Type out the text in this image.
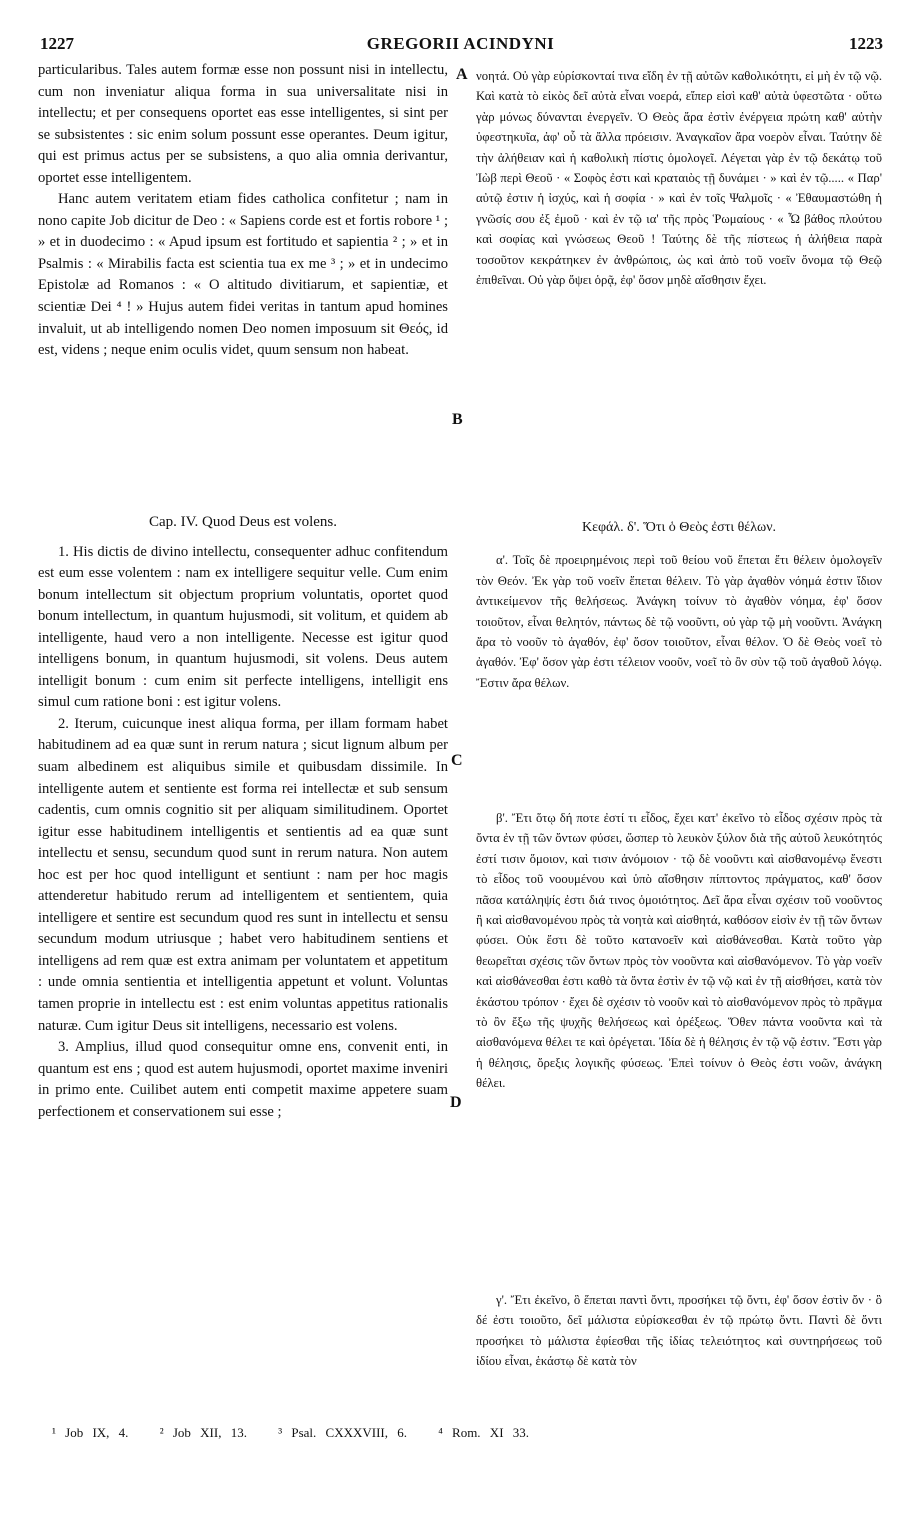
1227	GREGORII ACINDYNI	1223

particularibus. Tales autem formæ esse non possunt nisi in intellectu, cum non inveniatur aliqua forma in sua universalitate nisi in intellectu; et per consequens oportet eas esse intelligentes, si sint per se subsistentes : sic enim solum possunt esse operantes. Deum igitur, qui est primus actus per se subsistens, a quo alia omnia derivantur, oportet esse intelligentem.

Hanc autem veritatem etiam fides catholica confitetur ; nam in nono capite Job dicitur de Deo : « Sapiens corde est et fortis robore ¹ ; » et in duodecimo : « Apud ipsum est fortitudo et sapientia ² ; » et in Psalmis : « Mirabilis facta est scientia tua ex me ³ ; » et in undecimo Epistolæ ad Romanos : « O altitudo divitiarum, et sapientiæ, et scientiæ Dei ⁴ ! » Hujus autem fidei veritas in tantum apud homines invaluit, ut ab intelligendo nomen Deo nomen imposuum sit Θεός, id est, videns ; neque enim oculis videt, quum sensum non habeat.

Cap. IV. Quod Deus est volens.

1. His dictis de divino intellectu, consequenter adhuc confitendum est eum esse volentem : nam ex intelligere sequitur velle. Cum enim bonum intellectum sit objectum proprium voluntatis, oportet quod bonum intellectum, in quantum hujusmodi, sit volitum, et quidem ab intelligente, haud vero a non intelligente. Necesse est igitur quod intelligens bonum, in quantum hujusmodi, sit volens. Deus autem intelligit bonum : cum enim sit perfecte intelligens, intelligit ens simul cum ratione boni : est igitur volens.

2. Iterum, cuicunque inest aliqua forma, per illam formam habet habitudinem ad ea quæ sunt in rerum natura ; sicut lignum album per suam albedinem est aliquibus simile et quibusdam dissimile. In intelligente autem et sentiente est forma rei intellectæ et sub sensum cadentis, cum omnis cognitio sit per aliquam similitudinem. Oportet igitur esse habitudinem intelligentis et sentientis ad ea quæ sunt intellectu et sensu, secundum quod sunt in rerum natura. Non autem hoc est per hoc quod intelligunt et sentiunt : nam per hoc magis attenderetur habitudo rerum ad intelligentem et sentientem, quia intelligere et sentire est secundum quod res sunt in intellectu et sensu secundum modum utriusque ; habet vero habitudinem sentiens et intelligens ad rem quæ est extra animam per voluntatem et appetitum : unde omnia sentientia et intelligentia appetunt et volunt. Voluntas tamen proprie in intellectu est : est enim voluntas appetitus rationalis naturæ. Cum igitur Deus sit intelligens, necessario est volens.

3. Amplius, illud quod consequitur omne ens, convenit enti, in quantum est ens ; quod est autem hujusmodi, oportet maxime inveniri in primo ente. Cuilibet autem enti competit maxime appetere suam perfectionem et conservationem sui esse ;

A
B
C
D

νοητά. Οὐ γὰρ εὑρίσκονταί τινα εἴδη ἐν τῇ αὐτῶν καθολικότητι, εἰ μὴ ἐν τῷ νῷ. Καὶ κατὰ τὸ εἰκὸς δεῖ αὐτὰ εἶναι νοερά, εἴπερ εἰσὶ καθ' αὐτὰ ὑφεστῶτα · οὕτω γὰρ μόνως δύνανται ἐνεργεῖν. Ὁ Θεὸς ἄρα ἐστὶν ἐνέργεια πρώτη καθ' αὐτὴν ὑφεστηκυῖα, ἀφ' οὗ τὰ ἄλλα πρόεισιν. Ἀναγκαῖον ἄρα νοερὸν εἶναι. Ταύτην δὲ τὴν ἀλήθειαν καὶ ἡ καθολικὴ πίστις ὁμολογεῖ. Λέγεται γὰρ ἐν τῷ δεκάτῳ τοῦ Ἰὼβ περὶ Θεοῦ · « Σοφὸς ἐστι καὶ κραταιὸς τῇ δυνάμει · » καὶ ἐν τῷ..... « Παρ' αὐτῷ ἐστιν ἡ ἰσχύς, καὶ ἡ σοφία · » καὶ ἐν τοῖς Ψαλμοῖς · « Ἐθαυμαστώθη ἡ γνῶσίς σου ἐξ ἐμοῦ · καὶ ἐν τῷ ια' τῆς πρὸς Ῥωμαίους · « Ὦ βάθος πλούτου καὶ σοφίας καὶ γνώσεως Θεοῦ ! Ταύτης δὲ τῆς πίστεως ἡ ἀλήθεια παρὰ τοσοῦτον κεκράτηκεν ἐν ἀνθρώποις, ὡς καὶ ἀπὸ τοῦ νοεῖν ὄνομα τῷ Θεῷ ἐπιθεῖναι. Οὐ γὰρ ὄψει ὁρᾷ, ἐφ' ὅσον μηδὲ αἴσθησιν ἔχει.

Κεφάλ. δ'. Ὅτι ὁ Θεὸς ἐστι θέλων.

α'. Τοῖς δὲ προειρημένοις περὶ τοῦ θείου νοῦ ἕπεται ἔτι θέλειν ὁμολογεῖν τὸν Θεόν. Ἐκ γὰρ τοῦ νοεῖν ἕπεται θέλειν. Τὸ γὰρ ἀγαθὸν νόημά ἐστιν ἴδιον ἀντικείμενον τῆς θελήσεως. Ἀνάγκη τοίνυν τὸ ἀγαθὸν νόημα, ἐφ' ὅσον τοιοῦτον, εἶναι θελητόν, πάντως δὲ τῷ νοοῦντι, οὐ γὰρ τῷ μὴ νοοῦντι. Ἀνάγκη ἄρα τὸ νοοῦν τὸ ἀγαθόν, ἐφ' ὅσον τοιοῦτον, εἶναι θέλον. Ὁ δὲ Θεὸς νοεῖ τὸ ἀγαθόν. Ἐφ' ὅσον γὰρ ἐστι τέλειον νοοῦν, νοεῖ τὸ ὂν σὺν τῷ τοῦ ἀγαθοῦ λόγῳ. Ἔστιν ἄρα θέλων.

β'. Ἔτι ὅτῳ δή ποτε ἐστί τι εἶδος, ἔχει κατ' ἐκεῖνο τὸ εἶδος σχέσιν πρὸς τὰ ὄντα ἐν τῇ τῶν ὄντων φύσει, ὥσπερ τὸ λευκὸν ξύλον διὰ τῆς αὐτοῦ λευκότητός ἐστί τισιν ὅμοιον, καὶ τισιν ἀνόμοιον · τῷ δὲ νοοῦντι καὶ αἰσθανομένῳ ἔνεστι τὸ εἶδος τοῦ νοουμένου καὶ ὑπὸ αἴσθησιν πίπτοντος πράγματος, καθ' ὅσον πᾶσα κατάληψίς ἐστι διά τινος ὁμοιότητος. Δεῖ ἄρα εἶναι σχέσιν τοῦ νοοῦντος ἢ καὶ αἰσθανομένου πρὸς τὰ νοητὰ καὶ αἰσθητά, καθόσον εἰσὶν ἐν τῇ τῶν ὄντων φύσει. Οὐκ ἔστι δὲ τοῦτο κατανοεῖν καὶ αἰσθάνεσθαι. Κατὰ τοῦτο γὰρ θεωρεῖται σχέσις τῶν ὄντων πρὸς τὸν νοοῦντα καὶ αἰσθανόμενον. Τὸ γὰρ νοεῖν καὶ αἰσθάνεσθαι ἐστι καθὸ τὰ ὄντα ἐστὶν ἐν τῷ νῷ καὶ ἐν τῇ αἰσθήσει, κατὰ τὸν ἑκάστου τρόπον · ἔχει δὲ σχέσιν τὸ νοοῦν καὶ τὸ αἰσθανόμενον πρὸς τὸ πρᾶγμα τὸ ὂν ἔξω τῆς ψυχῆς θελήσεως καὶ ὀρέξεως. Ὅθεν πάντα νοοῦντα καὶ τὰ αἰσθανόμενα θέλει τε καὶ ὀρέγεται. Ἰδία δὲ ἡ θέλησις ἐν τῷ νῷ ἐστιν. Ἔστι γὰρ ἡ θέλησις, ὄρεξις λογικῆς φύσεως. Ἐπεὶ τοίνυν ὁ Θεὸς ἐστι νοῶν, ἀνάγκη θέλει.

γ'. Ἔτι ἐκεῖνο, ὃ ἕπεται παντὶ ὄντι, προσήκει τῷ ὄντι, ἐφ' ὅσον ἐστὶν ὄν · ὃ δέ ἐστι τοιοῦτο, δεῖ μάλιστα εὑρίσκεσθαι ἐν τῷ πρώτῳ ὄντι. Παντὶ δὲ ὄντι προσήκει τὸ μάλιστα ἐφίεσθαι τῆς ἰδίας τελειότητος καὶ συντηρήσεως τοῦ ἰδίου εἶναι, ἑκάστῳ δὲ κατὰ τὸν

¹ Job IX, 4. ² Job XII, 13. ³ Psal. CXXXVIII, 6. ⁴ Rom. XI 33.
